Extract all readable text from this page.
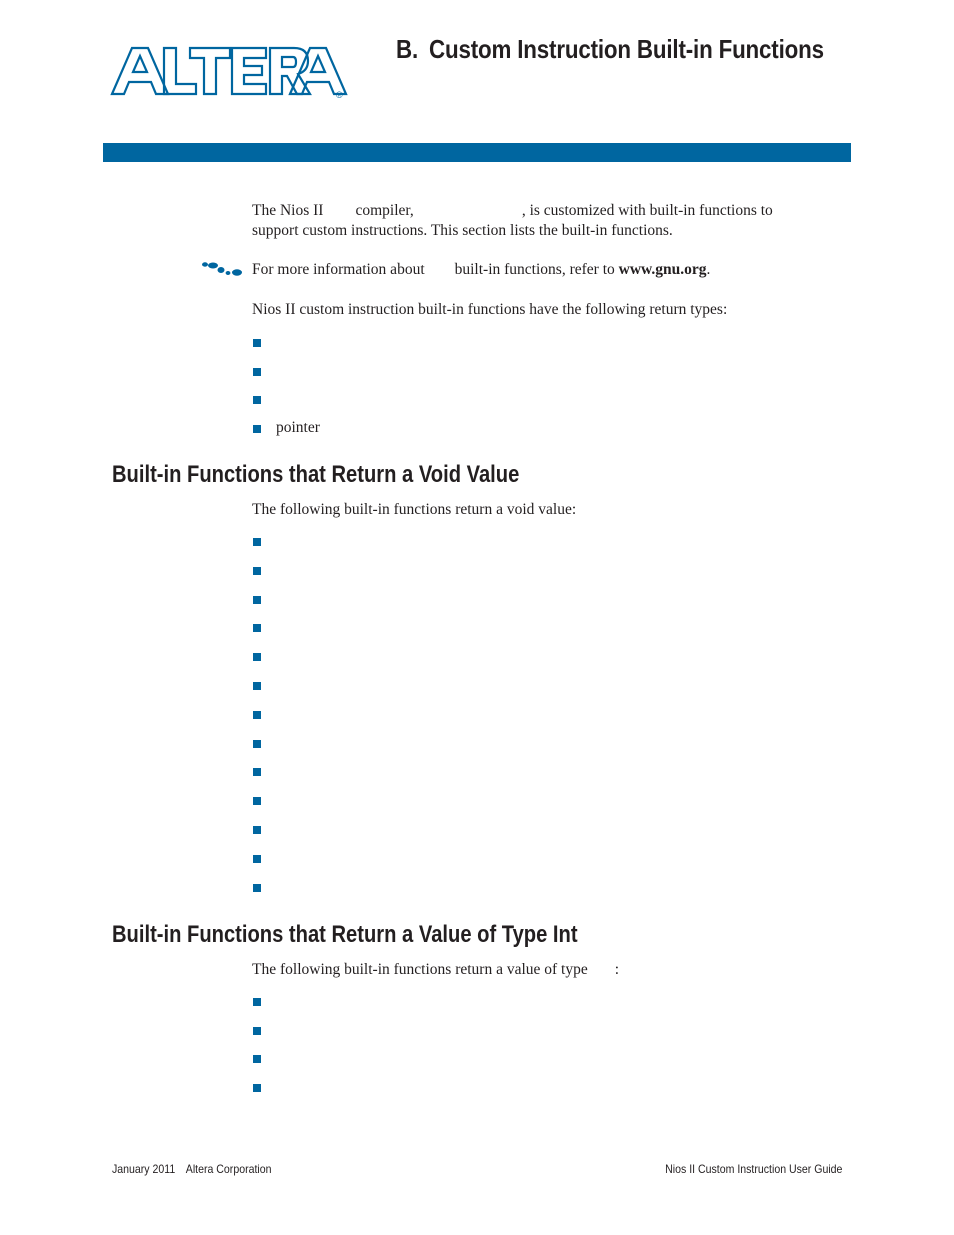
®
B. Custom Instruction Built-in Functions

The Nios II compiler,	, is customized with built-in functions to
support custom instructions. This section lists the built-in functions.

For more information about built-in functions, refer to www.gnu.org.

Nios II custom instruction built-in functions have the following return types:

pointer
Built-in Functions that Return a Void Value

The following built-in functions return a void value:

Built-in Functions that Return a Value of Type Int

The following built-in functions return a value of type :

January 2011 Altera Corporation	Nios II Custom Instruction User Guide
